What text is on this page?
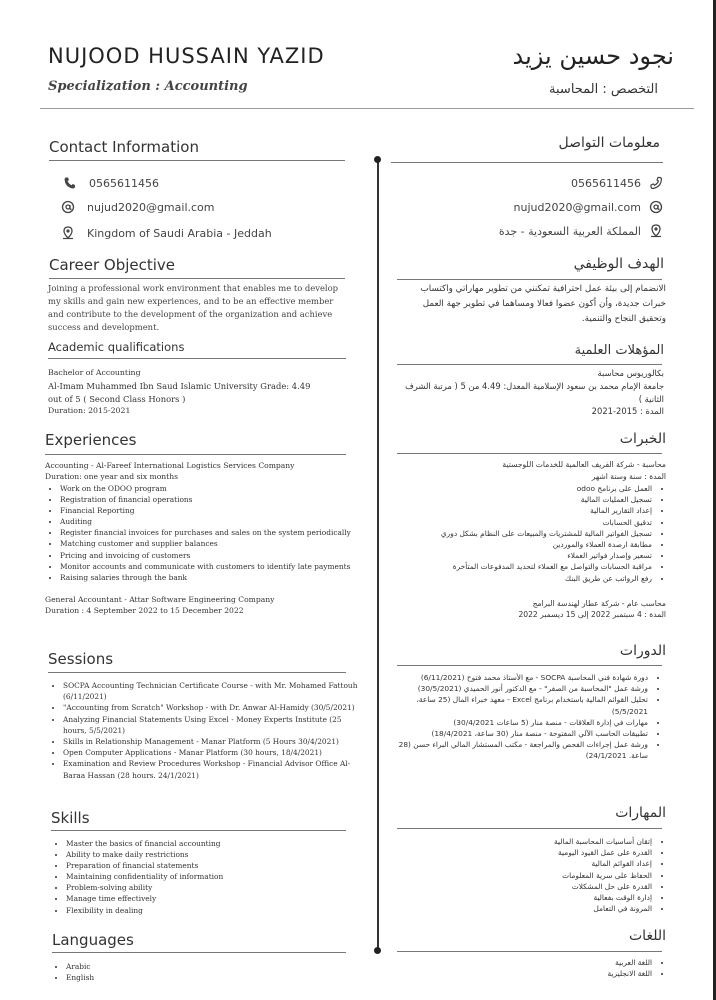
NUJOOD HUSSAIN YAZID
Specialization : Accounting
نجود حسين يزيد
التخصص : المحاسبة
Contact Information
0565611456
nujud2020@gmail.com
Kingdom of Saudi Arabia - Jeddah
Career Objective
Joining a professional work environment that enables me to develop my skills and gain new experiences, and to be an effective member and contribute to the development of the organization and achieve success and development.
Academic qualifications
Bachelor of Accounting
Al-Imam Muhammed Ibn Saud Islamic University Grade: 4.49 out of 5 ( Second Class Honors )
Duration: 2015-2021
Experiences
Accounting - Al-Fareef International Logistics Services Company
Duration: one year and six months
• Work on the ODOO program
• Registration of financial operations
• Financial Reporting
• Auditing
• Register financial invoices for purchases and sales on the system periodically
• Matching customer and supplier balances
• Pricing and invoicing of customers
• Monitor accounts and communicate with customers to identify late payments
• Raising salaries through the bank
General Accountant - Attar Software Engineering Company
Duration : 4 September 2022 to 15 December 2022
Sessions
• SOCPA Accounting Technician Certificate Course - with Mr. Mohamed Fattouh (6/11/2021)
• "Accounting from Scratch" Workshop - with Dr. Anwar Al-Hamidy (30/5/2021)
• Analyzing Financial Statements Using Excel - Money Experts Institute (25 hours, 5/5/2021)
• Skills in Relationship Management - Manar Platform (5 Hours 30/4/2021)
• Open Computer Applications - Manar Platform (30 hours, 18/4/2021)
• Examination and Review Procedures Workshop - Financial Advisor Office Al-Baraa Hassan (28 hours. 24/1/2021)
Skills
• Master the basics of financial accounting
• Ability to make daily restrictions
• Preparation of financial statements
• Maintaining confidentiality of information
• Problem-solving ability
• Manage time effectively
• Flexibility in dealing
Languages
• Arabic
• English
معلومات التواصل
0565611456
nujud2020@gmail.com
المملكة العربية السعودية - جدة
الهدف الوظيفي
الانضمام إلى بيئة عمل احترافية تمكنني من تطوير مهاراتي واكتساب خبرات جديدة، وأن أكون عضوا فعالا ومساهما في تطوير جهة العمل وتحقيق النجاح والتنمية.
المؤهلات العلمية
بكالوريوس محاسبة
جامعة الإمام محمد بن سعود الإسلامية المعدل: 4.49 من 5 ( مرتبة الشرف الثانية )
المدة : 2015-2021
الخبرات
محاسبة - شركة الفريف العالمية للخدمات اللوجستية
المدة : سنة وستة اشهر
• العمل على برنامج odoo
• تسجيل العمليات المالية
• إعداد التقارير المالية
• تدقيق الحسابات
• تسجيل الفواتير المالية للمشتريات والمبيعات على النظام بشكل دوري
• مطابقة ارصدة العملاء والموردين
• تسعير وإصدار فواتير العملاء
• مراقبة الحسابات والتواصل مع العملاء لتحديد المدفوعات المتأخرة
• رفع الرواتب عن طريق البنك
محاسب عام - شركة عطار لهندسة البرامج
المدة : 4 سبتمبر 2022 إلى 15 ديسمبر 2022
الدورات
• دورة شهادة فني المحاسبة SOCPA - مع الأستاذ محمد فتوح (6/11/2021)
• ورشة عمل "المحاسبة من الصفر" - مع الدكتور أنور الحميدي (30/5/2021)
• تحليل القوائم المالية باستخدام برنامج Excel - معهد خبراء المال (25 ساعة، 5/5/2021)
• مهارات في إدارة العلاقات - منصة منار (5 ساعات 30/4/2021)
• تطبيقات الحاسب الآلي المفتوحة - منصة منار (30 ساعة، 18/4/2021)
• ورشة عمل إجراءات الفحص والمراجعة - مكتب المستشار المالي البراء حسن (28 ساعة. 24/1/2021)
المهارات
• إتقان أساسيات المحاسبة المالية
• القدرة على عمل القيود اليومية
• إعداد القوائم المالية
• الحفاظ على سرية المعلومات
• القدرة على حل المشكلات
• إدارة الوقت بفعالية
• المرونة في التعامل
اللغات
• اللغة العربية
• اللغة الانجليزية
